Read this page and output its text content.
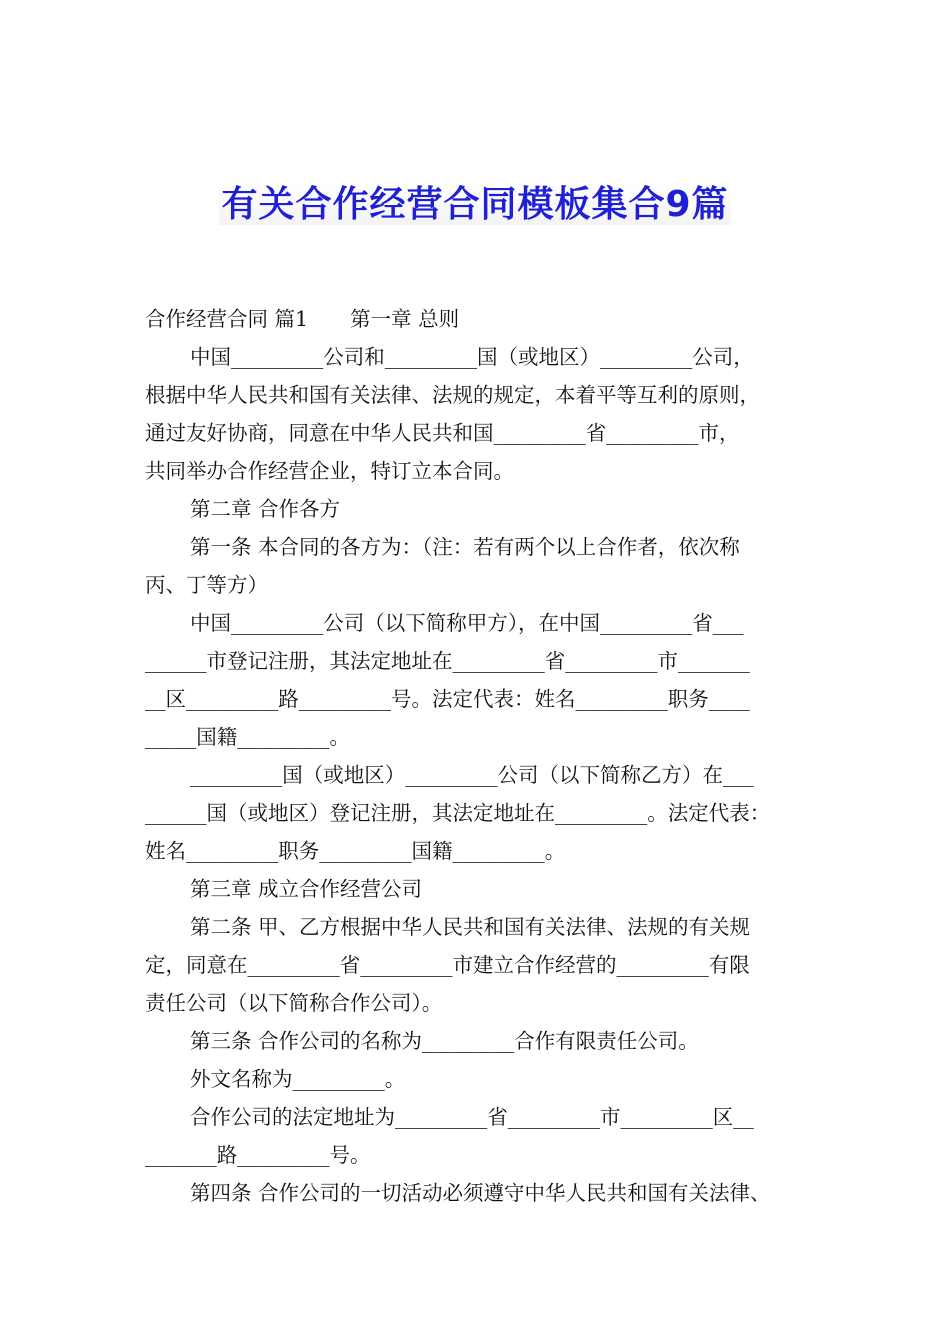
有关合作经营合同模板集合9篇
合作经营合同 篇1 第一章 总则
中国_________公司和_________国（或地区）_________公司，
根据中华人民共和国有关法律、法规的规定，本着平等互利的原则，
通过友好协商，同意在中华人民共和国_________省_________市，
共同举办合作经营企业，特订立本合同。
第二章 合作各方
第一条 本合同的各方为：（注：若有两个以上合作者，依次称
丙、丁等方）
中国_________公司（以下简称甲方），在中国_________省___
______市登记注册，其法定地址在_________省_________市_______
__区_________路_________号。法定代表：姓名_________职务____
_____国籍_________。
_________国（或地区）_________公司（以下简称乙方）在___
______国（或地区）登记注册，其法定地址在_________。法定代表：
姓名_________职务_________国籍_________。
第三章 成立合作经营公司
第二条 甲、乙方根据中华人民共和国有关法律、法规的有关规
定，同意在_________省_________市建立合作经营的_________有限
责任公司（以下简称合作公司）。
第三条 合作公司的名称为_________合作有限责任公司。
外文名称为_________。
合作公司的法定地址为_________省_________市_________区__
_______路_________号。
第四条 合作公司的一切活动必须遵守中华人民共和国有关法律、
